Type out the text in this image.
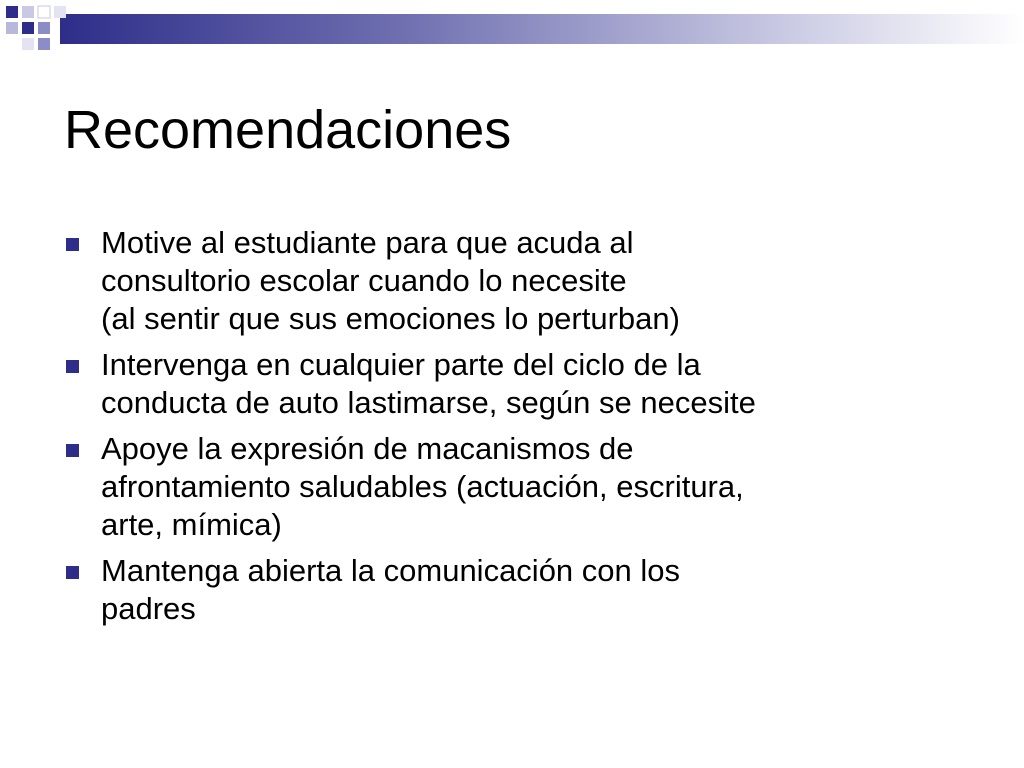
Recomendaciones
Motive al estudiante para que acuda al
consultorio escolar cuando lo necesite
(al sentir que sus emociones lo perturban)
Intervenga en cualquier parte del ciclo de la
conducta de auto lastimarse, según se necesite
Apoye la expresión de macanismos de
afrontamiento saludables (actuación, escritura,
arte, mímica)
Mantenga abierta la comunicación con los
padres
